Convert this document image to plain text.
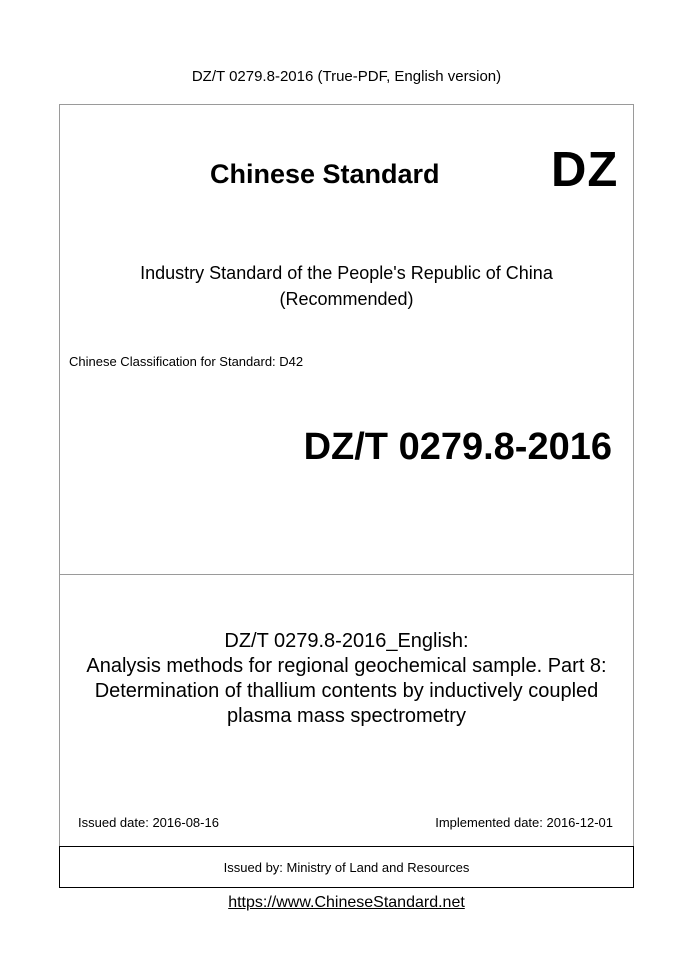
DZ/T 0279.8-2016 (True-PDF, English version)
Issued by: Ministry of Land and Resources
Chinese Standard DZ
Industry Standard of the People's Republic of China
(Recommended)
Chinese Classification for Standard: D42
DZ/T 0279.8-2016
DZ/T 0279.8-2016_English:
Analysis methods for regional geochemical sample. Part 8:
Determination of thallium contents by inductively coupled
plasma mass spectrometry
Issued date: 2016-08-16	Implemented date: 2016-12-01
https://www.ChineseStandard.net
